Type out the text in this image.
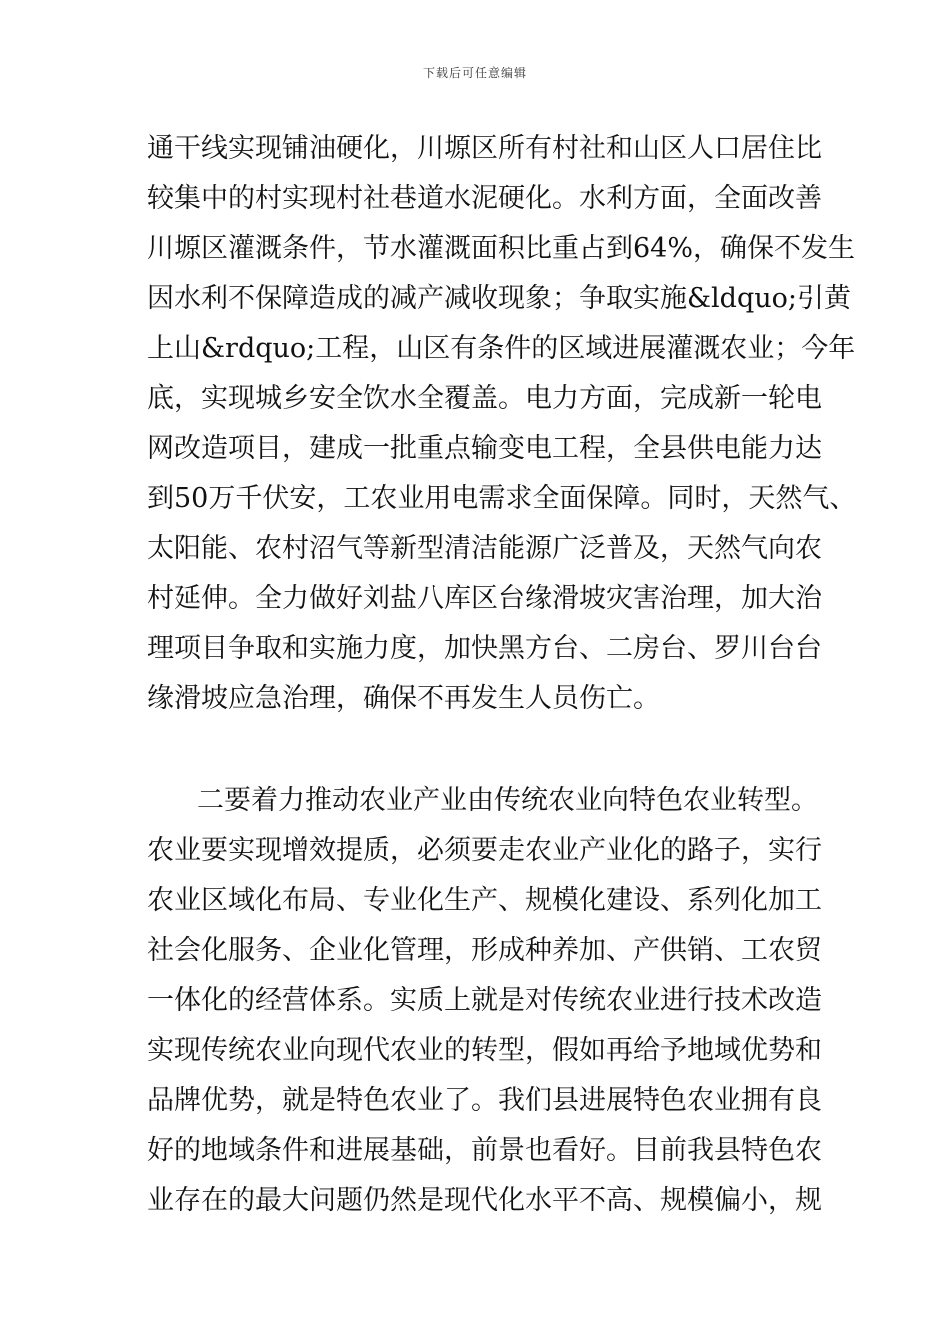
下载后可任意编辑
通干线实现铺油硬化，川塬区所有村社和山区人口居住比
较集中的村实现村社巷道水泥硬化。水利方面，全面改善
川塬区灌溉条件，节水灌溉面积比重占到64%，确保不发生
因水利不保障造成的减产减收现象；争取实施&ldquo;引黄
上山&rdquo;工程，山区有条件的区域进展灌溉农业；今年
底，实现城乡安全饮水全覆盖。电力方面，完成新一轮电
网改造项目，建成一批重点输变电工程，全县供电能力达
到50万千伏安，工农业用电需求全面保障。同时，天然气、
太阳能、农村沼气等新型清洁能源广泛普及，天然气向农
村延伸。全力做好刘盐八库区台缘滑坡灾害治理，加大治
理项目争取和实施力度，加快黑方台、二房台、罗川台台
缘滑坡应急治理，确保不再发生人员伤亡。
二要着力推动农业产业由传统农业向特色农业转型。
农业要实现增效提质，必须要走农业产业化的路子，实行
农业区域化布局、专业化生产、规模化建设、系列化加工
社会化服务、企业化管理，形成种养加、产供销、工农贸
一体化的经营体系。实质上就是对传统农业进行技术改造
实现传统农业向现代农业的转型，假如再给予地域优势和
品牌优势，就是特色农业了。我们县进展特色农业拥有良
好的地域条件和进展基础，前景也看好。目前我县特色农
业存在的最大问题仍然是现代化水平不高、规模偏小，规
